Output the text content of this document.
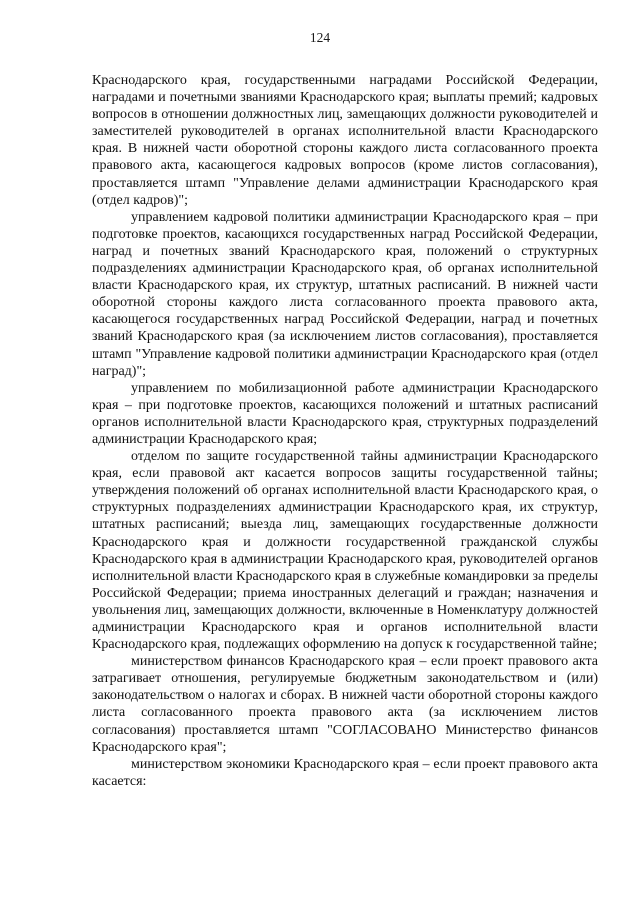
124

Краснодарского края, государственными наградами Российской Федерации, наградами и почетными званиями Краснодарского края; выплаты премий; кадровых вопросов в отношении должностных лиц, замещающих должности руководителей и заместителей руководителей в органах исполнительной власти Краснодарского края. В нижней части оборотной стороны каждого листа согласованного проекта правового акта, касающегося кадровых вопросов (кроме листов согласования), проставляется штамп "Управление делами администрации Краснодарского края (отдел кадров)";

управлением кадровой политики администрации Краснодарского края – при подготовке проектов, касающихся государственных наград Российской Федерации, наград и почетных званий Краснодарского края, положений о структурных подразделениях администрации Краснодарского края, об органах исполнительной власти Краснодарского края, их структур, штатных расписаний. В нижней части оборотной стороны каждого листа согласованного проекта правового акта, касающегося государственных наград Российской Федерации, наград и почетных званий Краснодарского края (за исключением листов согласования), проставляется штамп "Управление кадровой политики администрации Краснодарского края (отдел наград)";

управлением по мобилизационной работе администрации Краснодарского края – при подготовке проектов, касающихся положений и штатных расписаний органов исполнительной власти Краснодарского края, структурных подразделений администрации Краснодарского края;

отделом по защите государственной тайны администрации Краснодарского края, если правовой акт касается вопросов защиты государственной тайны; утверждения положений об органах исполнительной власти Краснодарского края, о структурных подразделениях администрации Краснодарского края, их структур, штатных расписаний; выезда лиц, замещающих государственные должности Краснодарского края и должности государственной гражданской службы Краснодарского края в администрации Краснодарского края, руководителей органов исполнительной власти Краснодарского края в служебные командировки за пределы Российской Федерации; приема иностранных делегаций и граждан; назначения и увольнения лиц, замещающих должности, включенные в Номенклатуру должностей администрации Краснодарского края и органов исполнительной власти Краснодарского края, подлежащих оформлению на допуск к государственной тайне;

министерством финансов Краснодарского края – если проект правового акта затрагивает отношения, регулируемые бюджетным законодательством и (или) законодательством о налогах и сборах. В нижней части оборотной стороны каждого листа согласованного проекта правового акта (за исключением листов согласования) проставляется штамп "СОГЛАСОВАНО Министерство финансов Краснодарского края";

министерством экономики Краснодарского края – если проект правового акта касается:
